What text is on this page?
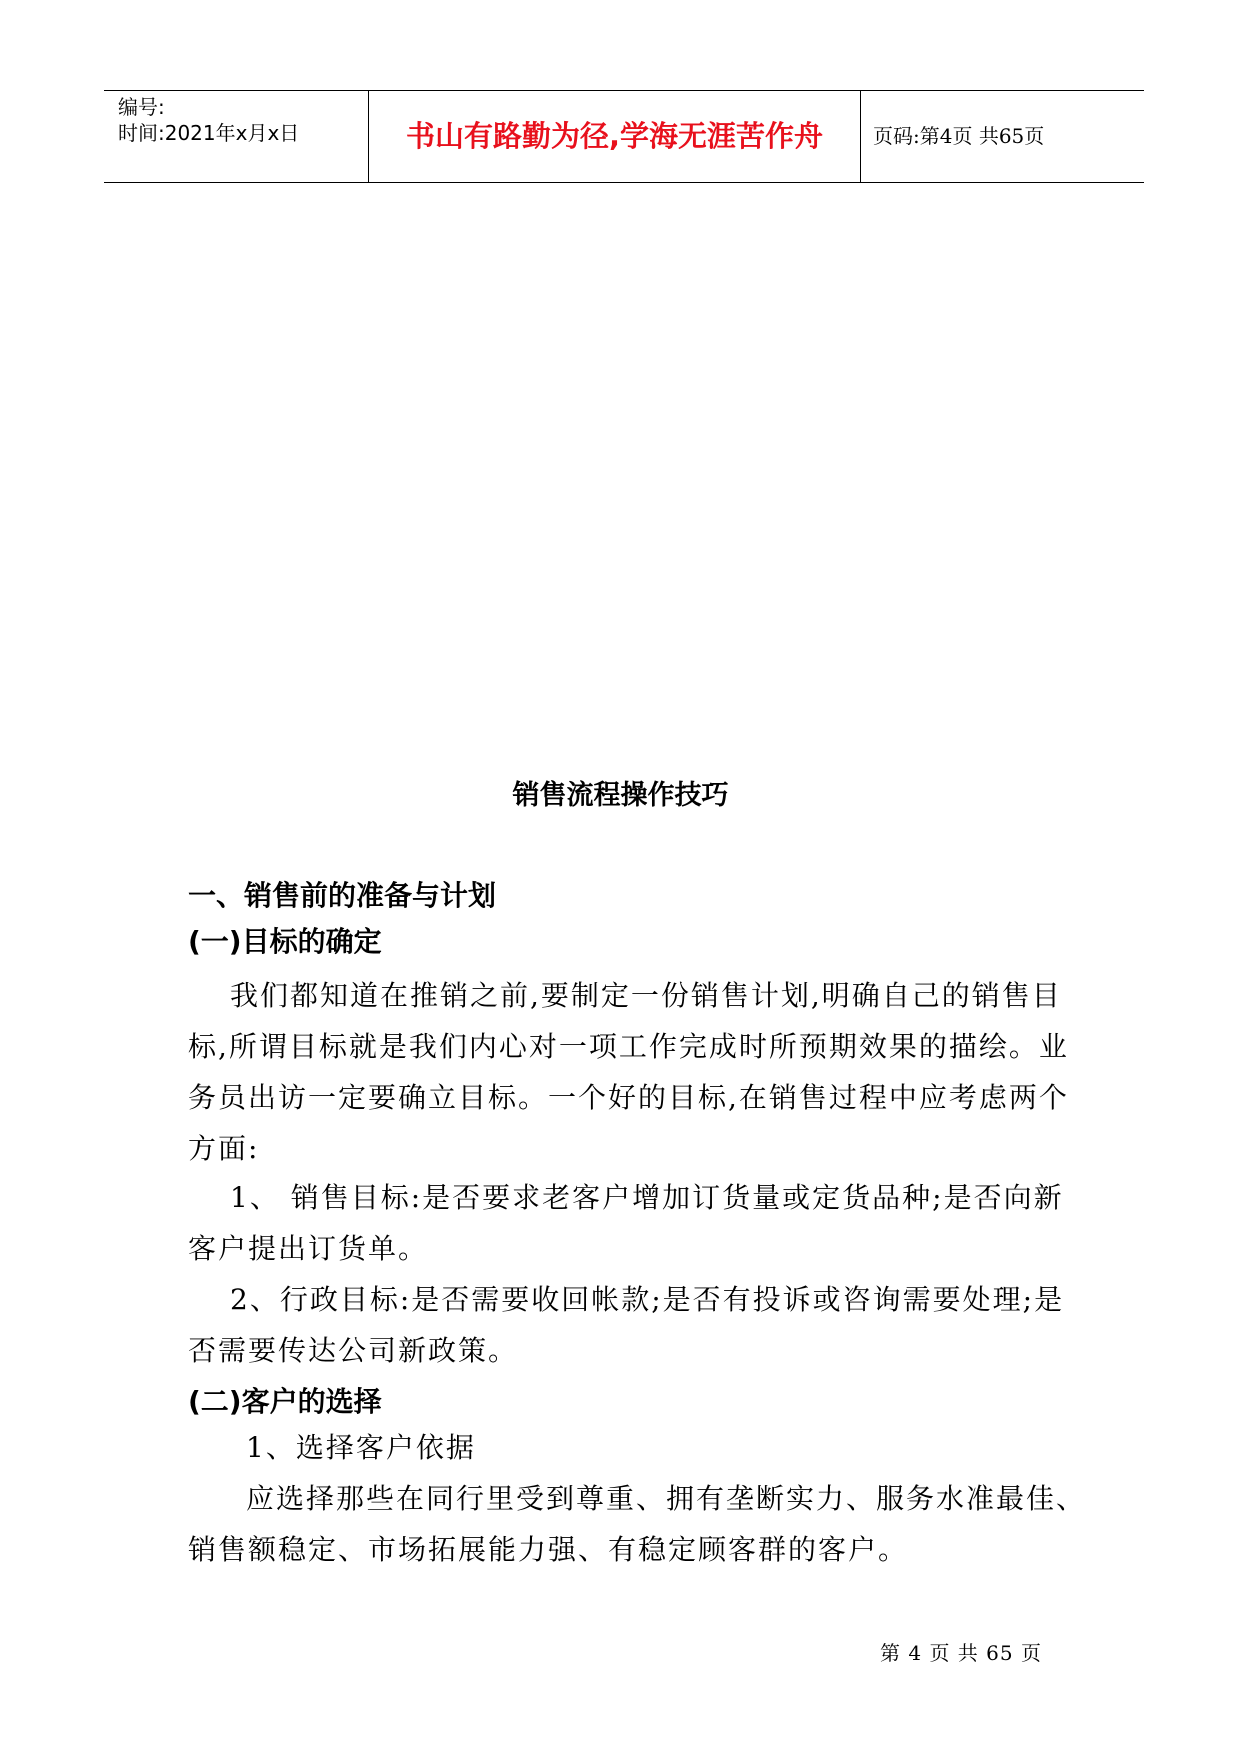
编号:
时间:2021年x月x日	书山有路勤为径,学海无涯苦作舟	页码:第4页 共65页
销售流程操作技巧
一、销售前的准备与计划
(一)目标的确定
我们都知道在推销之前,要制定一份销售计划,明确自己的销售目标,所谓目标就是我们内心对一项工作完成时所预期效果的描绘。业务员出访一定要确立目标。一个好的目标,在销售过程中应考虑两个方面:
1、 销售目标:是否要求老客户增加订货量或定货品种;是否向新客户提出订货单。
2、行政目标:是否需要收回帐款;是否有投诉或咨询需要处理;是否需要传达公司新政策。
(二)客户的选择
1、选择客户依据
应选择那些在同行里受到尊重、拥有垄断实力、服务水准最佳、销售额稳定、市场拓展能力强、有稳定顾客群的客户。
第 4 页 共 65 页
